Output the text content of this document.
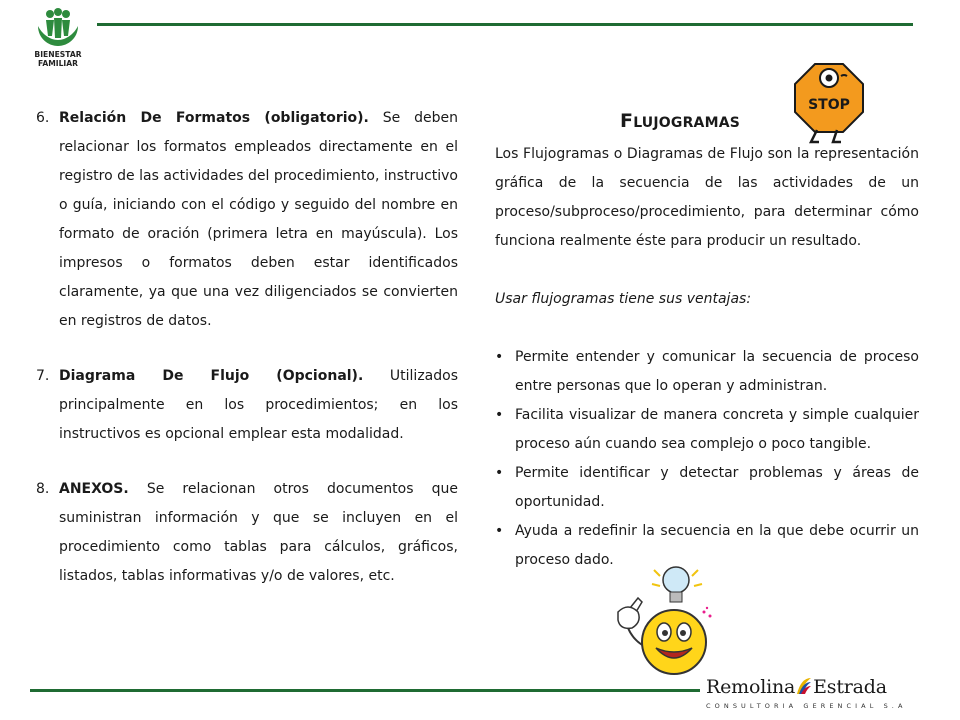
BIENESTAR
FAMILIAR
6. Relación De Formatos (obligatorio). Se deben relacionar los formatos empleados directamente en el registro de las actividades del procedimiento, instructivo o guía, iniciando con el código y seguido del nombre en formato de oración (primera letra en mayúscula). Los impresos o formatos deben estar identificados claramente, ya que una vez diligenciados se convierten en registros de datos.

7. Diagrama De Flujo (Opcional). Utilizados principalmente en los procedimientos; en los instructivos es opcional emplear esta modalidad.

8. ANEXOS. Se relacionan otros documentos que suministran información y que se incluyen en el procedimiento como tablas para cálculos, gráficos, listados, tablas informativas y/o de valores, etc.

STOP
FLUJOGRAMAS

Los Flujogramas o Diagramas de Flujo son la representación gráfica de la secuencia de las actividades de un proceso/subproceso/procedimiento, para determinar cómo funciona realmente éste para producir un resultado.

Usar flujogramas tiene sus ventajas:

• Permite entender y comunicar la secuencia de proceso entre personas que lo operan y administran.
• Facilita visualizar de manera concreta y simple cualquier proceso aún cuando sea complejo o poco tangible.
• Permite identificar y detectar problemas y áreas de oportunidad.
• Ayuda a redefinir la secuencia en la que debe ocurrir un proceso dado.
Remolina Estrada
CONSULTORIA GERENCIAL S.A
